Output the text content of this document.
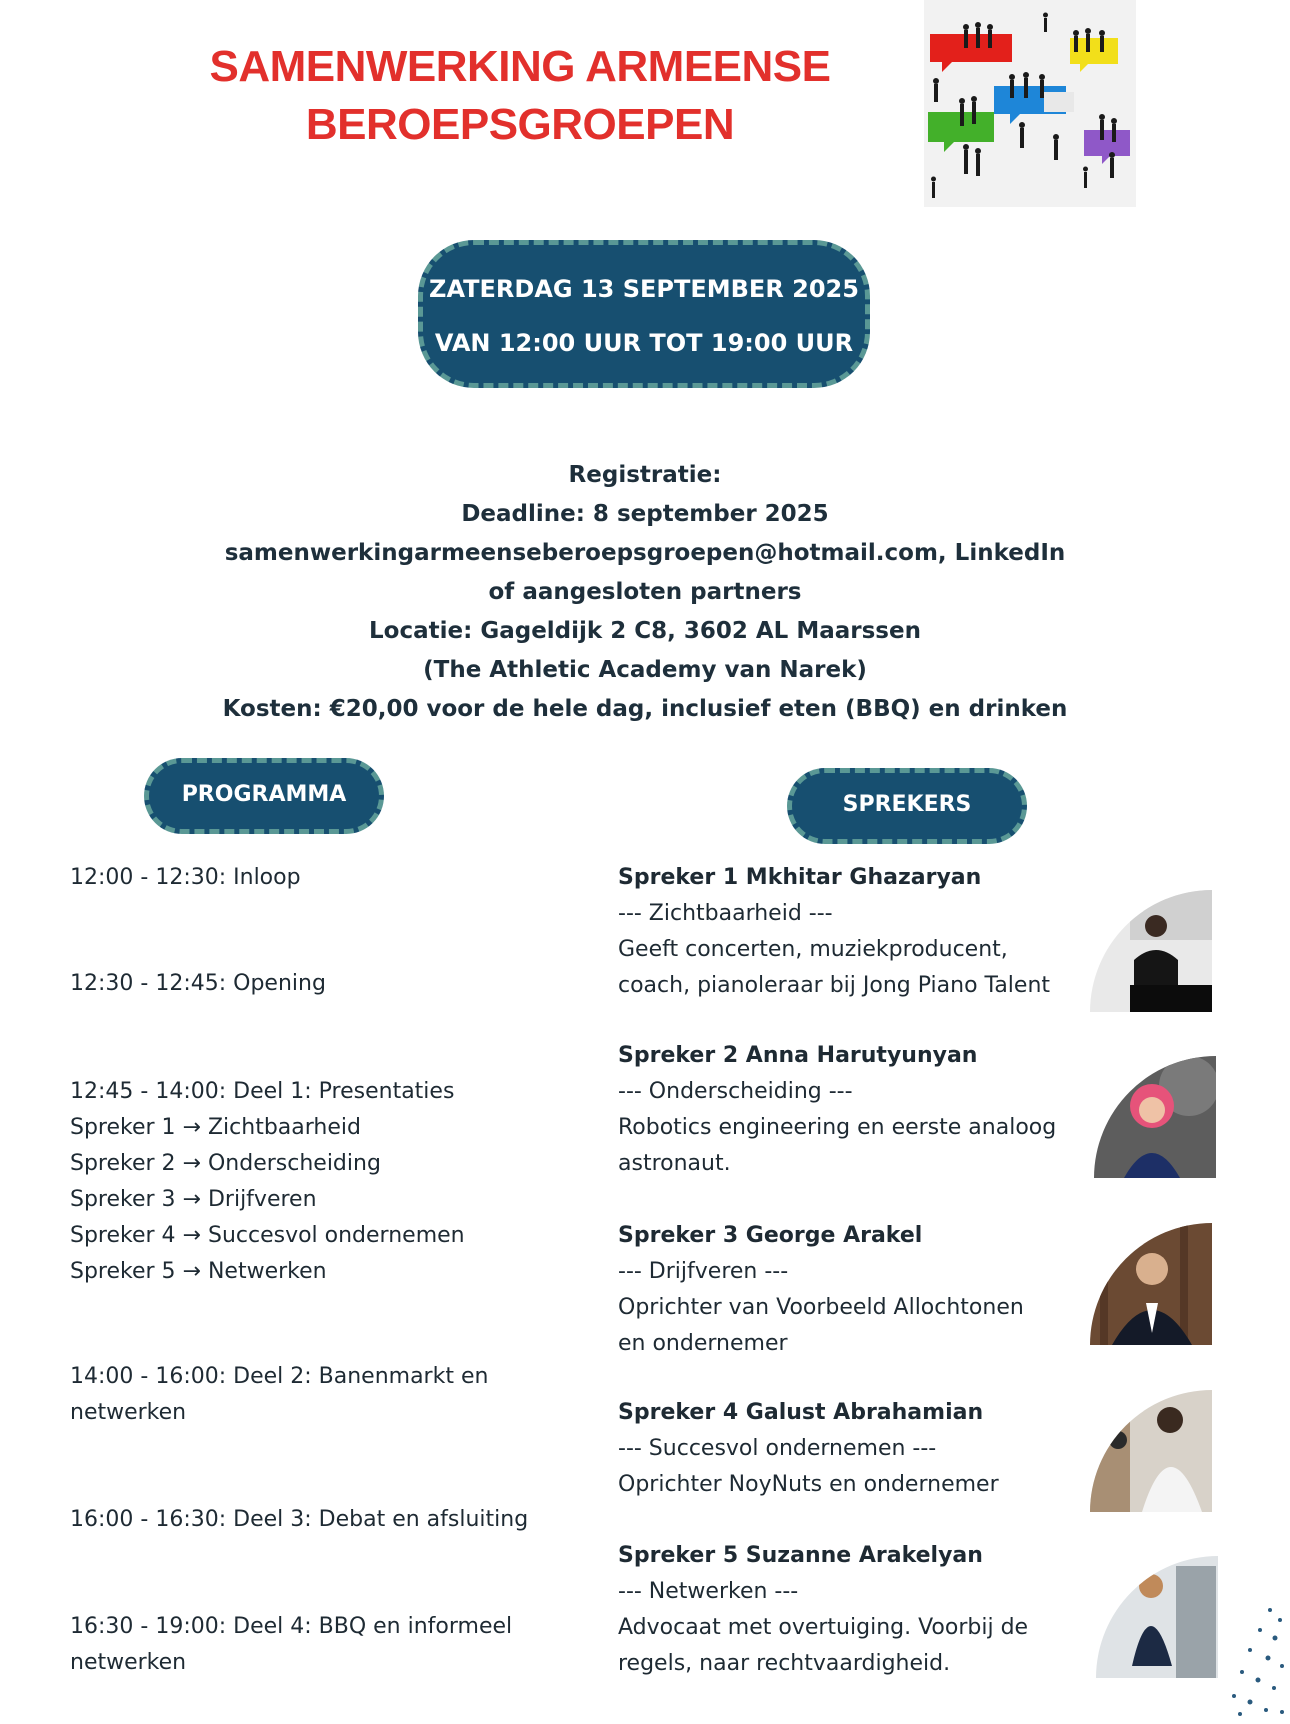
SAMENWERKING ARMEENSE
BEROEPSGROEPEN
ZATERDAG 13 SEPTEMBER 2025
VAN 12:00 UUR TOT 19:00 UUR
Registratie:
Deadline: 8 september 2025
samenwerkingarmeenseberoepsgroepen@hotmail.com, LinkedIn
of aangesloten partners
Locatie: Gageldijk 2 C8, 3602 AL Maarssen
(The Athletic Academy van Narek)
Kosten: €20,00 voor de hele dag, inclusief eten (BBQ) en drinken
PROGRAMMA	SPREKERS
12:00 - 12:30: Inloop
12:30 - 12:45: Opening
12:45 - 14:00: Deel 1: Presentaties
Spreker 1 → Zichtbaarheid
Spreker 2 → Onderscheiding
Spreker 3 → Drijfveren
Spreker 4 → Succesvol ondernemen
Spreker 5 → Netwerken
14:00 - 16:00: Deel 2: Banenmarkt en
netwerken
16:00 - 16:30: Deel 3: Debat en afsluiting
16:30 - 19:00: Deel 4: BBQ en informeel
netwerken
Spreker 1 Mkhitar Ghazaryan
--- Zichtbaarheid ---
Geeft concerten, muziekproducent,
coach, pianoleraar bij Jong Piano Talent
Spreker 2 Anna Harutyunyan
--- Onderscheiding ---
Robotics engineering en eerste analoog
astronaut.
Spreker 3 George Arakel
--- Drijfveren ---
Oprichter van Voorbeeld Allochtonen
en ondernemer
Spreker 4 Galust Abrahamian
--- Succesvol ondernemen ---
Oprichter NoyNuts en ondernemer
Spreker 5 Suzanne Arakelyan
--- Netwerken ---
Advocaat met overtuiging. Voorbij de
regels, naar rechtvaardigheid.
